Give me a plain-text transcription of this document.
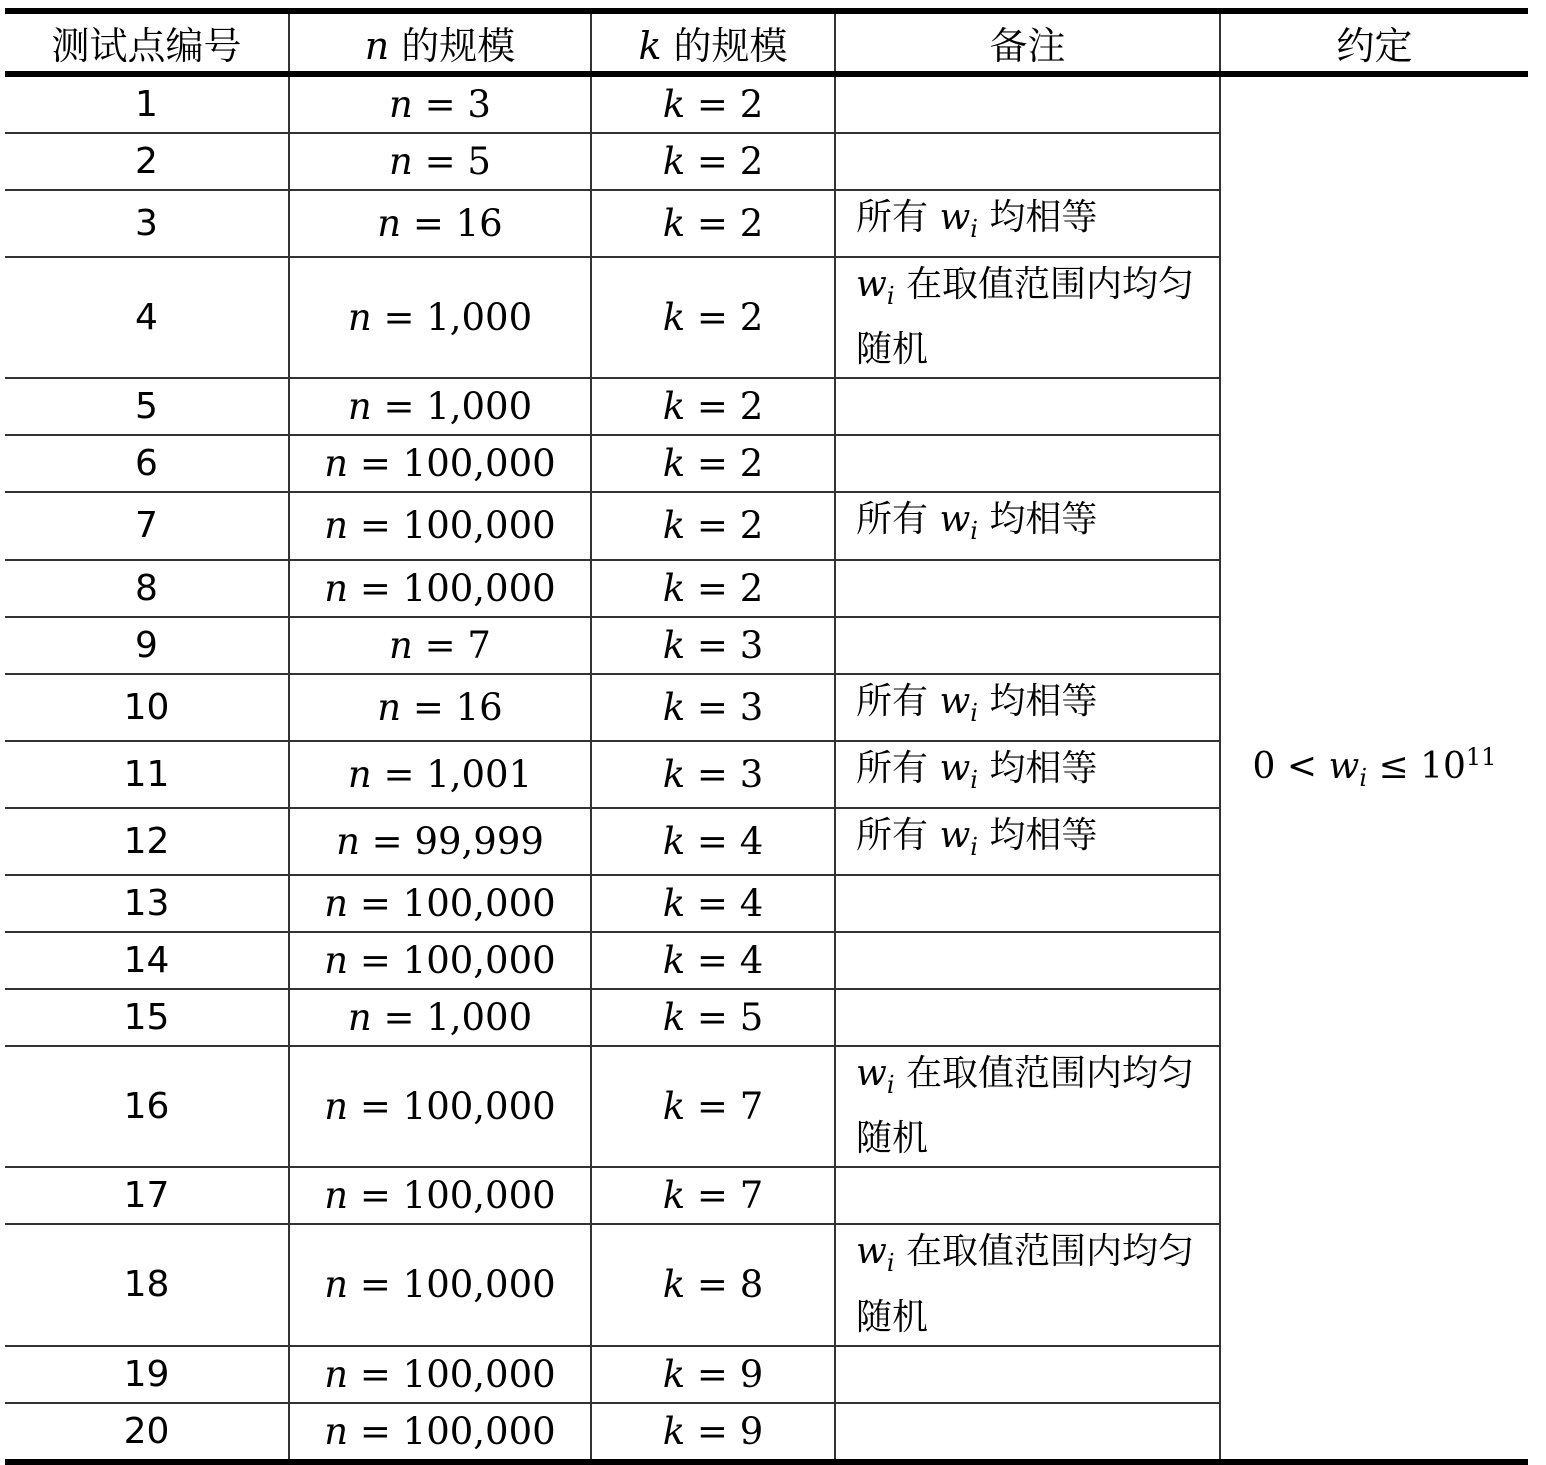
测试点编号	n 的规模	k 的规模	备注	约定
1	n = 3	k = 2		$0 < w_i \le 10^{11}$
2	n = 5	k = 2		
3	n = 16	k = 2	所有 $w_i$ 均相等	
4	n = 1,000	k = 2	$w_i$ 在取值范围内均匀随机	
5	n = 1,000	k = 2		
6	n = 100,000	k = 2		
7	n = 100,000	k = 2	所有 $w_i$ 均相等	
8	n = 100,000	k = 2		
9	n = 7	k = 3		
10	n = 16	k = 3	所有 $w_i$ 均相等	
11	n = 1,001	k = 3	所有 $w_i$ 均相等	
12	n = 99,999	k = 4	所有 $w_i$ 均相等	
13	n = 100,000	k = 4		
14	n = 100,000	k = 4		
15	n = 1,000	k = 5		
16	n = 100,000	k = 7	$w_i$ 在取值范围内均匀随机	
17	n = 100,000	k = 7		
18	n = 100,000	k = 8	$w_i$ 在取值范围内均匀随机	
19	n = 100,000	k = 9		
20	n = 100,000	k = 9		
